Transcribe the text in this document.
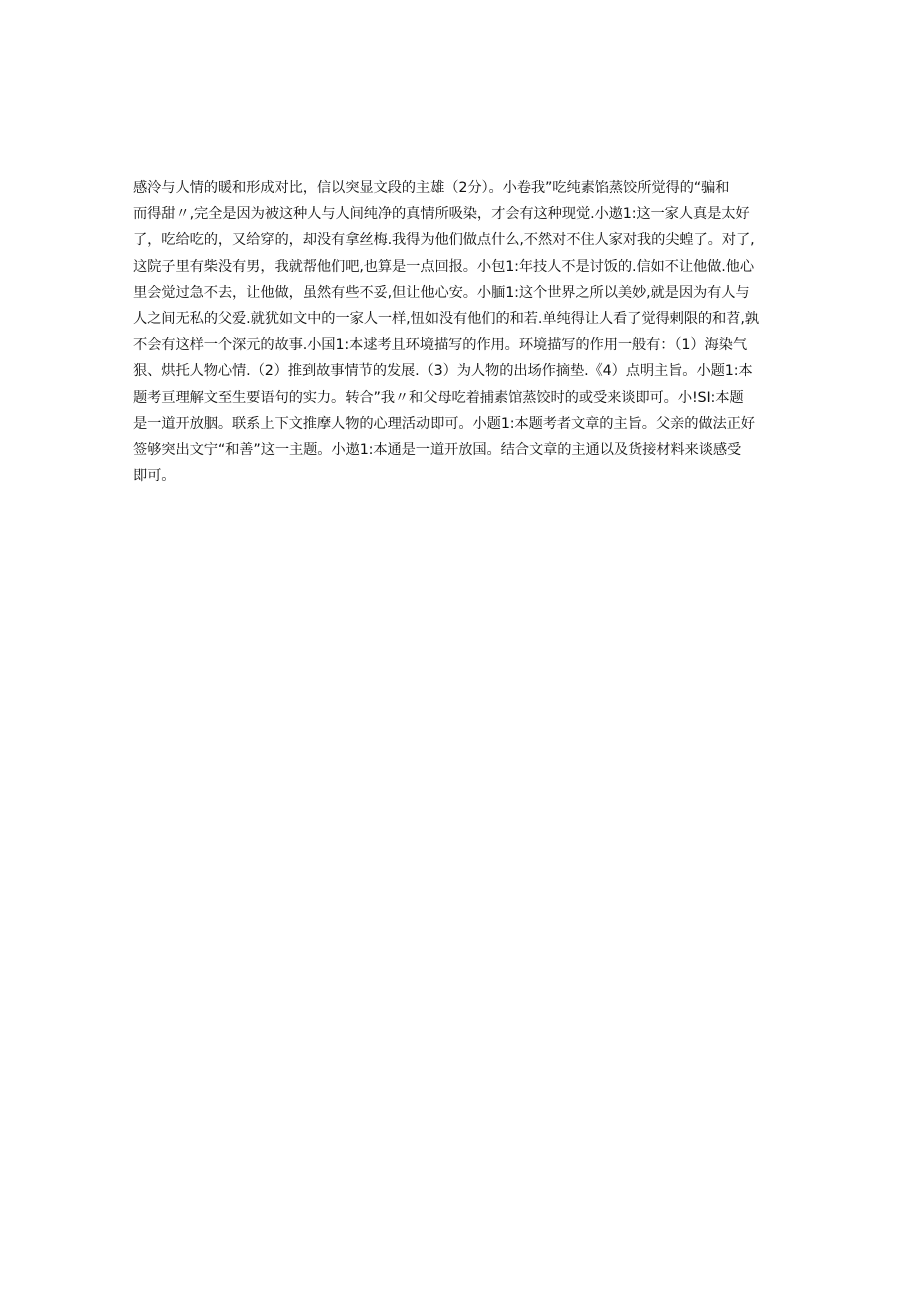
感泠与人情的暖和形成对比，信以突显文段的主雄（2分）。小卷我”吃纯素馅蒸饺所觉得的“骗和
而得甜〃,完全是因为被这种人与人间纯净的真情所吸染，才会有这种现觉.小遨1:这一家人真是太好
了，吃给吃的，又给穿的，却没有拿丝梅.我得为他们做点什么,不然对不住人家对我的尖蝗了。对了,
这院子里有柴没有男，我就帮他们吧,也算是一点回报。小包1:年技人不是讨饭的.信如不让他做.他心
里会觉过急不去，让他做，虽然有些不妥,但让他心安。小腼1:这个世界之所以美妙,就是因为有人与
人之间无私的父爱.就犹如文中的一家人一样,忸如没有他们的和若.单纯得让人看了觉得剌限的和苕,孰
不会有这样一个深元的故事.小国1:本逑考且环境描写的作用。环境描写的作用一般有：（1）海染气
狠、烘托人物心情.（2）推到故事情节的发展.（3）为人物的出场作摘垫.《4）点明主旨。小题1:本
题考亘理解文至生要语句的实力。转合”我〃和父母吃着捕素馆蒸饺时的或受来谈即可。小!SI:本题
是一道开放胭。联系上下文推摩人物的心理活动即可。小题1:本题考者文章的主旨。父亲的做法正好
签够突出文宁“和善”这一主题。小遨1:本通是一道开放国。结合文章的主通以及货接材料来谈感受
即可。
